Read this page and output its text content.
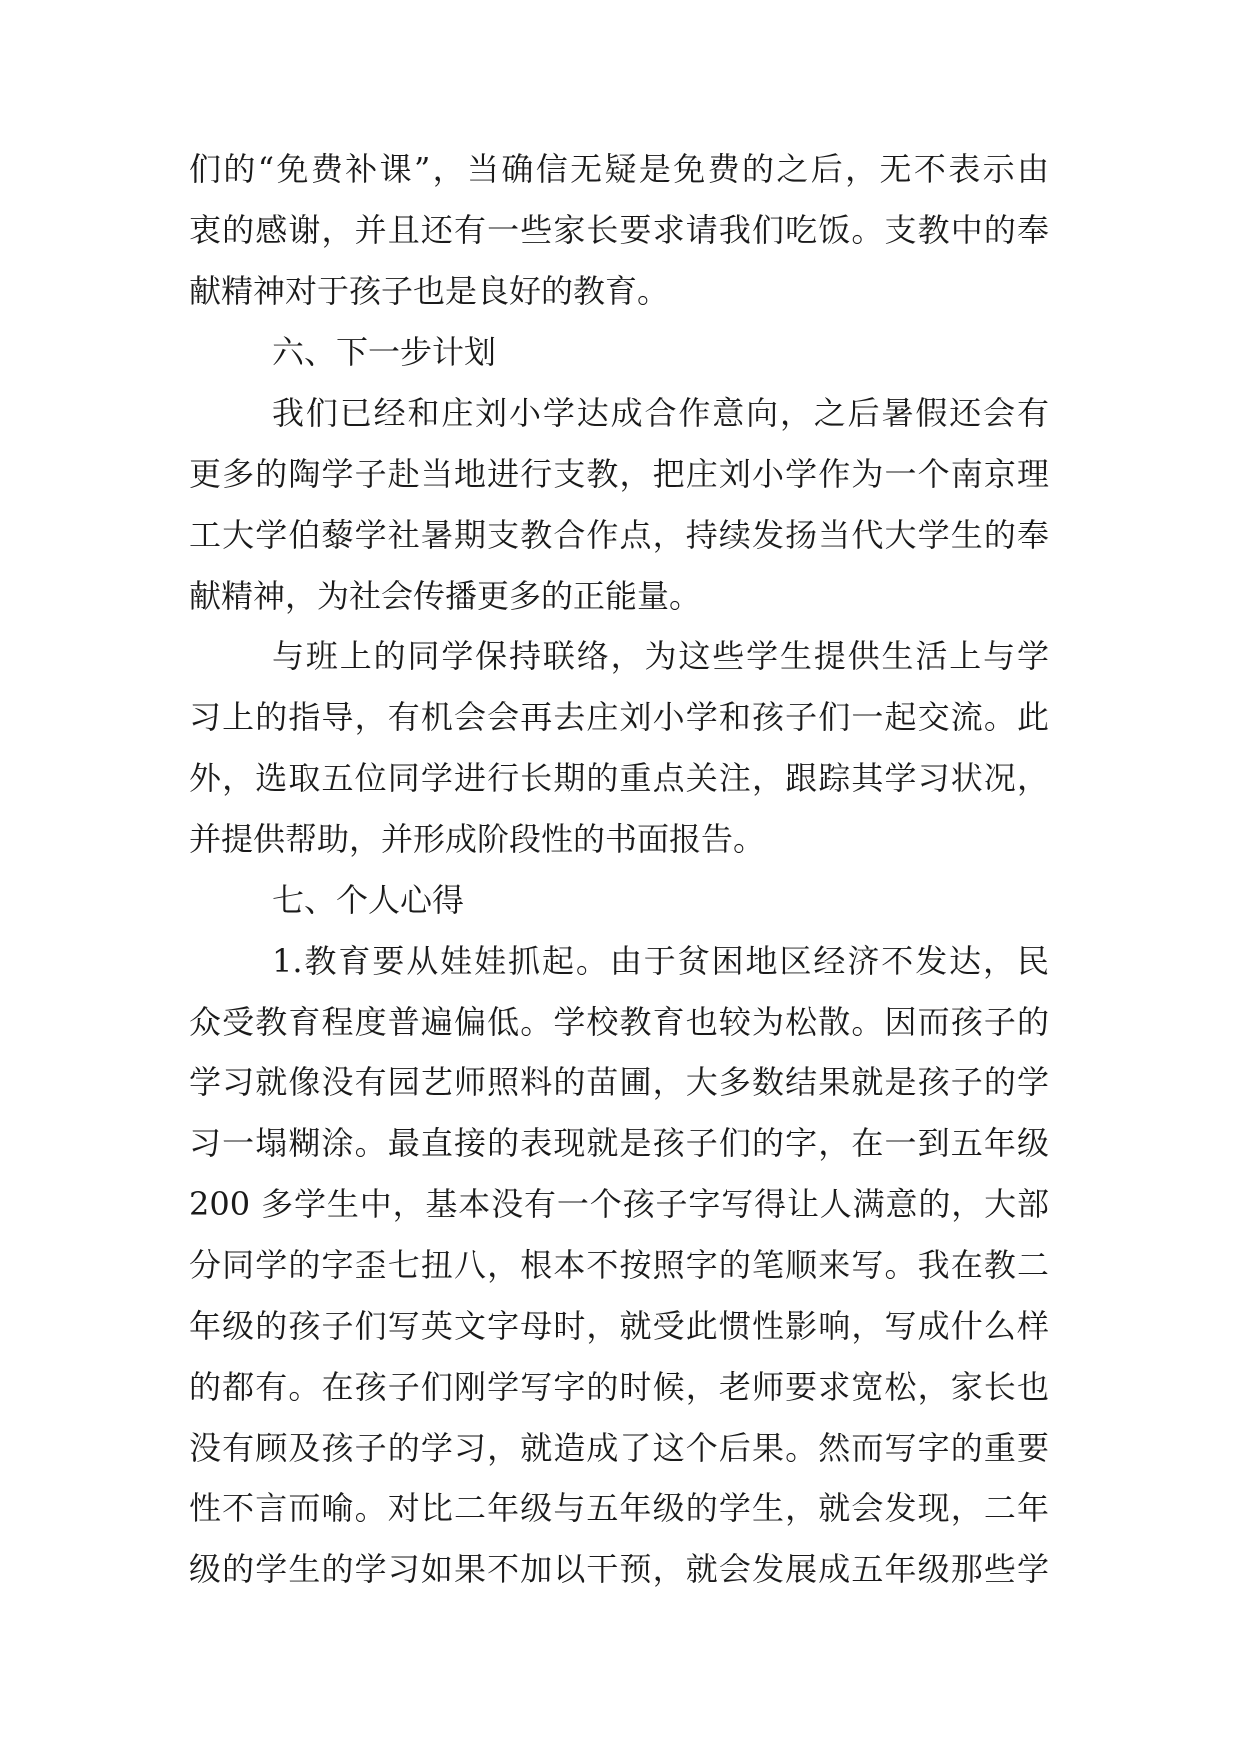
们的“免费补课”，当确信无疑是免费的之后，无不表示由

衷的感谢，并且还有一些家长要求请我们吃饭。支教中的奉

献精神对于孩子也是良好的教育。

六、下一步计划

我们已经和庄刘小学达成合作意向，之后暑假还会有

更多的陶学子赴当地进行支教，把庄刘小学作为一个南京理

工大学伯藜学社暑期支教合作点，持续发扬当代大学生的奉

献精神，为社会传播更多的正能量。

与班上的同学保持联络，为这些学生提供生活上与学

习上的指导，有机会会再去庄刘小学和孩子们一起交流。此

外，选取五位同学进行长期的重点关注，跟踪其学习状况，

并提供帮助，并形成阶段性的书面报告。

七、个人心得

1.教育要从娃娃抓起。由于贫困地区经济不发达，民

众受教育程度普遍偏低。学校教育也较为松散。因而孩子的

学习就像没有园艺师照料的苗圃，大多数结果就是孩子的学

习一塌糊涂。最直接的表现就是孩子们的字，在一到五年级

200 多学生中，基本没有一个孩子字写得让人满意的，大部

分同学的字歪七扭八，根本不按照字的笔顺来写。我在教二

年级的孩子们写英文字母时，就受此惯性影响，写成什么样

的都有。在孩子们刚学写字的时候，老师要求宽松，家长也

没有顾及孩子的学习，就造成了这个后果。然而写字的重要

性不言而喻。对比二年级与五年级的学生，就会发现，二年

级的学生的学习如果不加以干预，就会发展成五年级那些学
